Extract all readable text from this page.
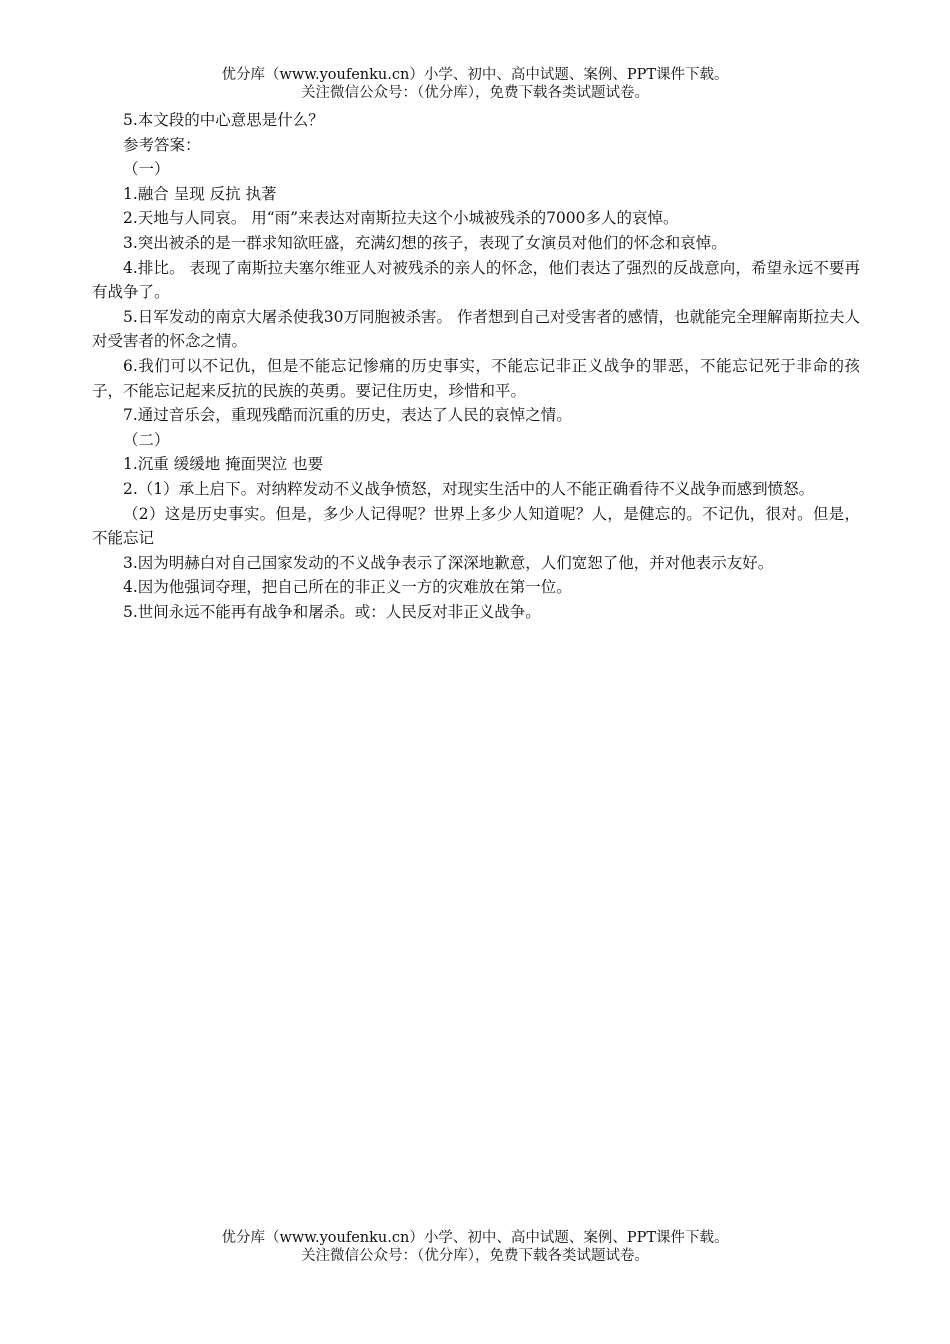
优分库（www.youfenku.cn）小学、初中、高中试题、案例、PPT课件下载。
关注微信公众号：（优分库），免费下载各类试题试卷。

5.本文段的中心意思是什么？

参考答案：

（一）

1.融合 呈现 反抗 执著

2.天地与人同哀。 用“雨”来表达对南斯拉夫这个小城被残杀的7000多人的哀悼。

3.突出被杀的是一群求知欲旺盛，充满幻想的孩子，表现了女演员对他们的怀念和哀悼。

4.排比。 表现了南斯拉夫塞尔维亚人对被残杀的亲人的怀念，他们表达了强烈的反战意向，希望永远不要再有战争了。

5.日军发动的南京大屠杀使我30万同胞被杀害。 作者想到自己对受害者的感情，也就能完全理解南斯拉夫人对受害者的怀念之情。

6.我们可以不记仇，但是不能忘记惨痛的历史事实，不能忘记非正义战争的罪恶，不能忘记死于非命的孩子，不能忘记起来反抗的民族的英勇。要记住历史，珍惜和平。

7.通过音乐会，重现残酷而沉重的历史，表达了人民的哀悼之情。

（二）

1.沉重 缓缓地 掩面哭泣 也要

2.（1）承上启下。对纳粹发动不义战争愤怒，对现实生活中的人不能正确看待不义战争而感到愤怒。

（2）这是历史事实。但是，多少人记得呢？世界上多少人知道呢？人，是健忘的。不记仇，很对。但是，不能忘记

3.因为明赫白对自己国家发动的不义战争表示了深深地歉意，人们宽恕了他，并对他表示友好。

4.因为他强词夺理，把自己所在的非正义一方的灾难放在第一位。

5.世间永远不能再有战争和屠杀。或：人民反对非正义战争。

优分库（www.youfenku.cn）小学、初中、高中试题、案例、PPT课件下载。
关注微信公众号：（优分库），免费下载各类试题试卷。
